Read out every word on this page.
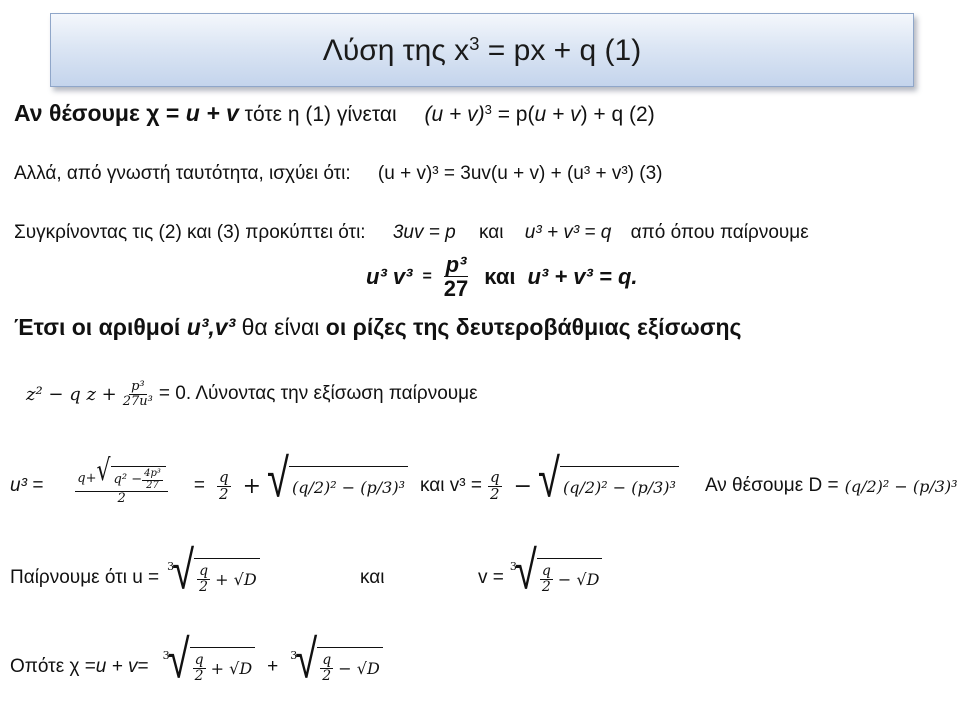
Λύση της $x^3$ = px + q (1)
Αν θέσουμε χ = u + v τότε η (1) γίνεται $(u + v)^3 = p(u + v) + q$ (2)
Αλλά, από γνωστή ταυτότητα, ισχύει ότι: (u + v)³ = 3uv(u + v) + (u³ + v³) (3)
Συγκρίνοντας τις (2) και (3) προκύπτει ότι: 3uv = p και u³ + v³ = q από όπου παίρνουμε
u³ $v^3 = \frac{\text{p³}}{27}$ και u³ + v³ = q.
Έτσι οι αριθμοί u³,v³ θα είναι οι ρίζες της δευτεροβάθμιας εξίσωσης
z² − q $z + \frac{\text{p³}}{\text{27u³}} = 0$. Λύνοντας την εξίσωση παίρνουμε
$u^3 = \frac{q+ √ q^2 - \frac{\text{4p³}}{27}}{2} = \frac{q}{2}$ + √ (q/2)² − (p/3)³ και $v^3 = \frac{q}{2}$ − √ (q/2)² − (p/3)³ Αν θέσουμε D = (q/2)² − (p/3)³
Παίρνουμε ότι u =
3
√ $\frac{q}{2}$
+ √D	και	v =
3
√ $\frac{q}{2}$
− √D
Οπότε χ = u + v =
3
√ $\frac{q}{2}$
+ √D +
3
√ $\frac{q}{2}$
− √D
